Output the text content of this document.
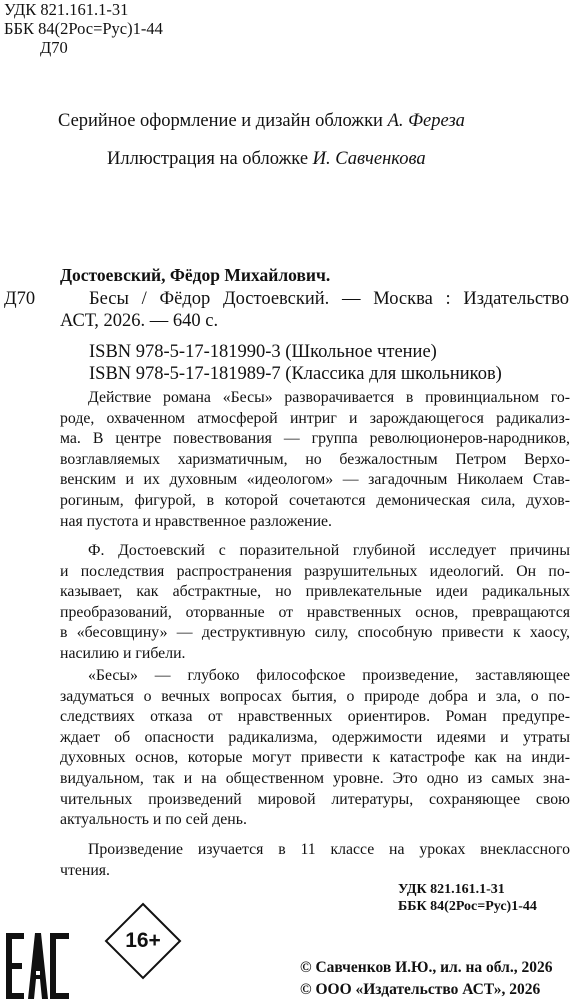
УДК 821.161.1-31
ББК 84(2Рос=Рус)1-44
Д70
Серийное оформление и дизайн обложки А. Фереза
Иллюстрация на обложке И. Савченкова
Достоевский, Фёдор Михайлович.
Д70	Бесы / Фёдор Достоевский. — Москва : Издательство
АСТ, 2026. — 640 с.
ISBN 978-5-17-181990-3 (Школьное чтение)
ISBN 978-5-17-181989-7 (Классика для школьников)
Действие романа «Бесы» разворачивается в провинциальном го-
роде, охваченном атмосферой интриг и зарождающегося радикализ-
ма. В центре повествования — группа революционеров-народников,
возглавляемых харизматичным, но безжалостным Петром Верхо-
венским и их духовным «идеологом» — загадочным Николаем Став-
рогиным, фигурой, в которой сочетаются демоническая сила, духов-
ная пустота и нравственное разложение.
Ф. Достоевский с поразительной глубиной исследует причины
и последствия распространения разрушительных идеологий. Он по-
казывает, как абстрактные, но привлекательные идеи радикальных
преобразований, оторванные от нравственных основ, превращаются
в «бесовщину» — деструктивную силу, способную привести к хаосу,
насилию и гибели.
«Бесы» — глубоко философское произведение, заставляющее
задуматься о вечных вопросах бытия, о природе добра и зла, о по-
следствиях отказа от нравственных ориентиров. Роман предупре-
ждает об опасности радикализма, одержимости идеями и утраты
духовных основ, которые могут привести к катастрофе как на инди-
видуальном, так и на общественном уровне. Это одно из самых зна-
чительных произведений мировой литературы, сохраняющее свою
актуальность и по сей день.
Произведение изучается в 11 классе на уроках внеклассного
чтения.
УДК 821.161.1-31
ББК 84(2Рос=Рус)1-44
16+
© Савченков И.Ю., ил. на обл., 2026
© ООО «Издательство АСТ», 2026
